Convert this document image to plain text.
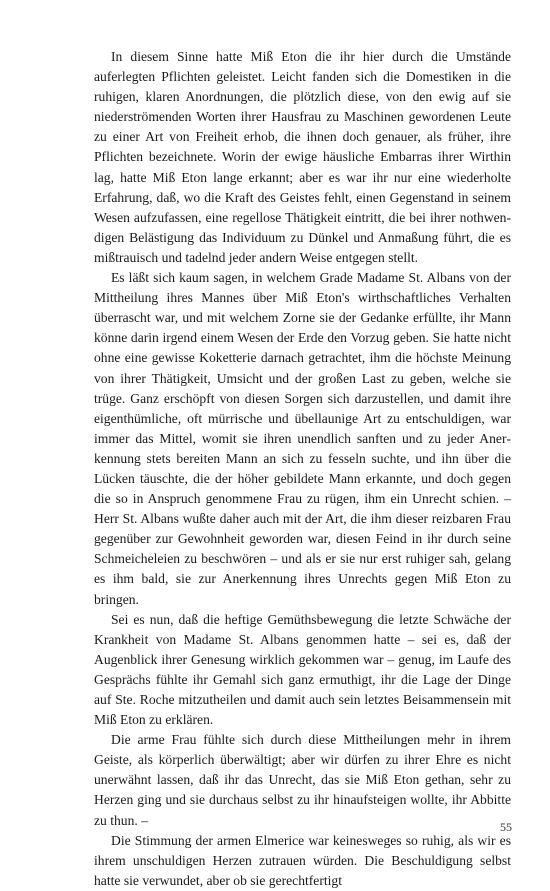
In diesem Sinne hatte Miß Eton die ihr hier durch die Umstände auferlegten Pflichten geleistet. Leicht fanden sich die Domestiken in die ruhigen, klaren Anordnungen, die plötzlich diese, von den ewig auf sie niederströmenden Worten ihrer Hausfrau zu Maschinen gewordenen Leute zu einer Art von Freiheit erhob, die ihnen doch genauer, als früher, ihre Pflichten bezeichnete. Worin der ewige häusliche Embarras ihrer Wirthin lag, hatte Miß Eton lange erkannt; aber es war ihr nur eine wiederholte Erfahrung, daß, wo die Kraft des Geistes fehlt, einen Gegenstand in seinem Wesen aufzufassen, eine regellose Thätigkeit eintritt, die bei ihrer nothwendigen Belästigung das Individuum zu Dünkel und Anmaßung führt, die es mißtrauisch und tadelnd jeder andern Weise entgegen stellt.

Es läßt sich kaum sagen, in welchem Grade Madame St. Albans von der Mittheilung ihres Mannes über Miß Eton's wirthschaftliches Verhalten überrascht war, und mit welchem Zorne sie der Gedanke erfüllte, ihr Mann könne darin irgend einem Wesen der Erde den Vorzug geben. Sie hatte nicht ohne eine gewisse Koketterie darnach getrachtet, ihm die höchste Meinung von ihrer Thätigkeit, Umsicht und der großen Last zu geben, welche sie trüge. Ganz erschöpft von diesen Sorgen sich darzustellen, und damit ihre eigenthümliche, oft mürrische und übellaunige Art zu entschuldigen, war immer das Mittel, womit sie ihren unendlich sanften und zu jeder Anerkennung stets bereiten Mann an sich zu fesseln suchte, und ihn über die Lücken täuschte, die der höher gebildete Mann erkannte, und doch gegen die so in Anspruch genommene Frau zu rügen, ihm ein Unrecht schien. – Herr St. Albans wußte daher auch mit der Art, die ihm dieser reizbaren Frau gegenüber zur Gewohnheit geworden war, diesen Feind in ihr durch seine Schmeicheleien zu beschwören – und als er sie nur erst ruhiger sah, gelang es ihm bald, sie zur Anerkennung ihres Unrechts gegen Miß Eton zu bringen.

Sei es nun, daß die heftige Gemüthsbewegung die letzte Schwäche der Krankheit von Madame St. Albans genommen hatte – sei es, daß der Augenblick ihrer Genesung wirklich gekommen war – genug, im Laufe des Gesprächs fühlte ihr Gemahl sich ganz ermuthigt, ihr die Lage der Dinge auf Ste. Roche mitzutheilen und damit auch sein letztes Beisammensein mit Miß Eton zu erklären.

Die arme Frau fühlte sich durch diese Mittheilungen mehr in ihrem Geiste, als körperlich überwältigt; aber wir dürfen zu ihrer Ehre es nicht unerwähnt lassen, daß ihr das Unrecht, das sie Miß Eton gethan, sehr zu Herzen ging und sie durchaus selbst zu ihr hinaufsteigen wollte, ihr Abbitte zu thun. –

Die Stimmung der armen Elmerice war keinesweges so ruhig, als wir es ihrem unschuldigen Herzen zutrauen würden. Die Beschuldigung selbst hatte sie verwundet, aber ob sie gerechtfertigt

55
